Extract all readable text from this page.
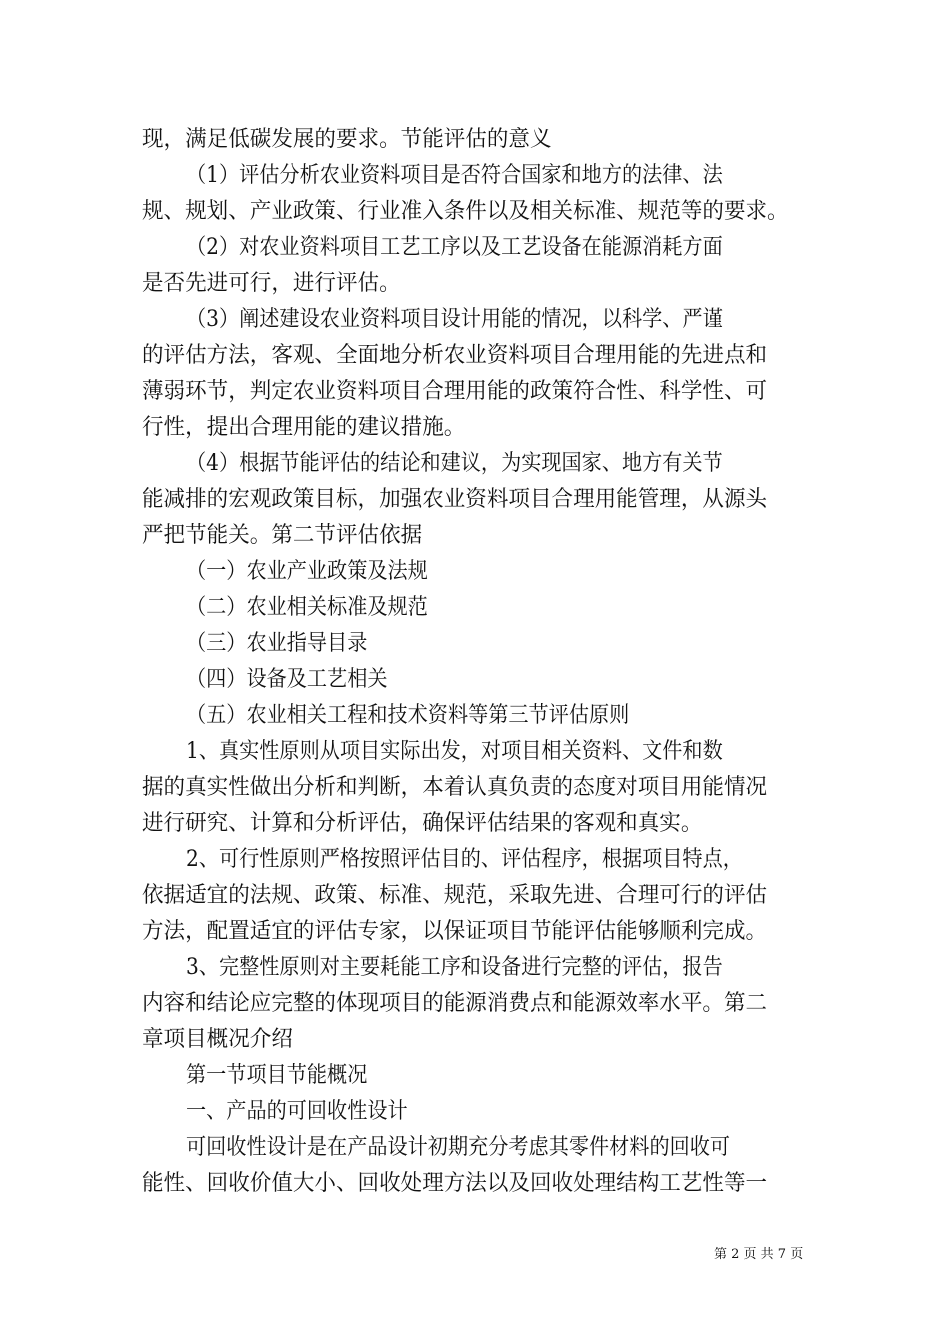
现，满足低碳发展的要求。节能评估的意义
（1）评估分析农业资料项目是否符合国家和地方的法律、法
规、规划、产业政策、行业准入条件以及相关标准、规范等的要求。
（2）对农业资料项目工艺工序以及工艺设备在能源消耗方面
是否先进可行，进行评估。
（3）阐述建设农业资料项目设计用能的情况，以科学、严谨
的评估方法，客观、全面地分析农业资料项目合理用能的先进点和
薄弱环节，判定农业资料项目合理用能的政策符合性、科学性、可
行性，提出合理用能的建议措施。
（4）根据节能评估的结论和建议，为实现国家、地方有关节
能减排的宏观政策目标，加强农业资料项目合理用能管理，从源头
严把节能关。第二节评估依据
（一）农业产业政策及法规
（二）农业相关标准及规范
（三）农业指导目录
（四）设备及工艺相关
（五）农业相关工程和技术资料等第三节评估原则
1、真实性原则从项目实际出发，对项目相关资料、文件和数
据的真实性做出分析和判断，本着认真负责的态度对项目用能情况
进行研究、计算和分析评估，确保评估结果的客观和真实。
2、可行性原则严格按照评估目的、评估程序，根据项目特点，
依据适宜的法规、政策、标准、规范，采取先进、合理可行的评估
方法，配置适宜的评估专家，以保证项目节能评估能够顺利完成。
3、完整性原则对主要耗能工序和设备进行完整的评估，报告
内容和结论应完整的体现项目的能源消费点和能源效率水平。第二
章项目概况介绍
第一节项目节能概况
一、产品的可回收性设计
可回收性设计是在产品设计初期充分考虑其零件材料的回收可
能性、回收价值大小、回收处理方法以及回收处理结构工艺性等一
第 2 页 共 7 页
